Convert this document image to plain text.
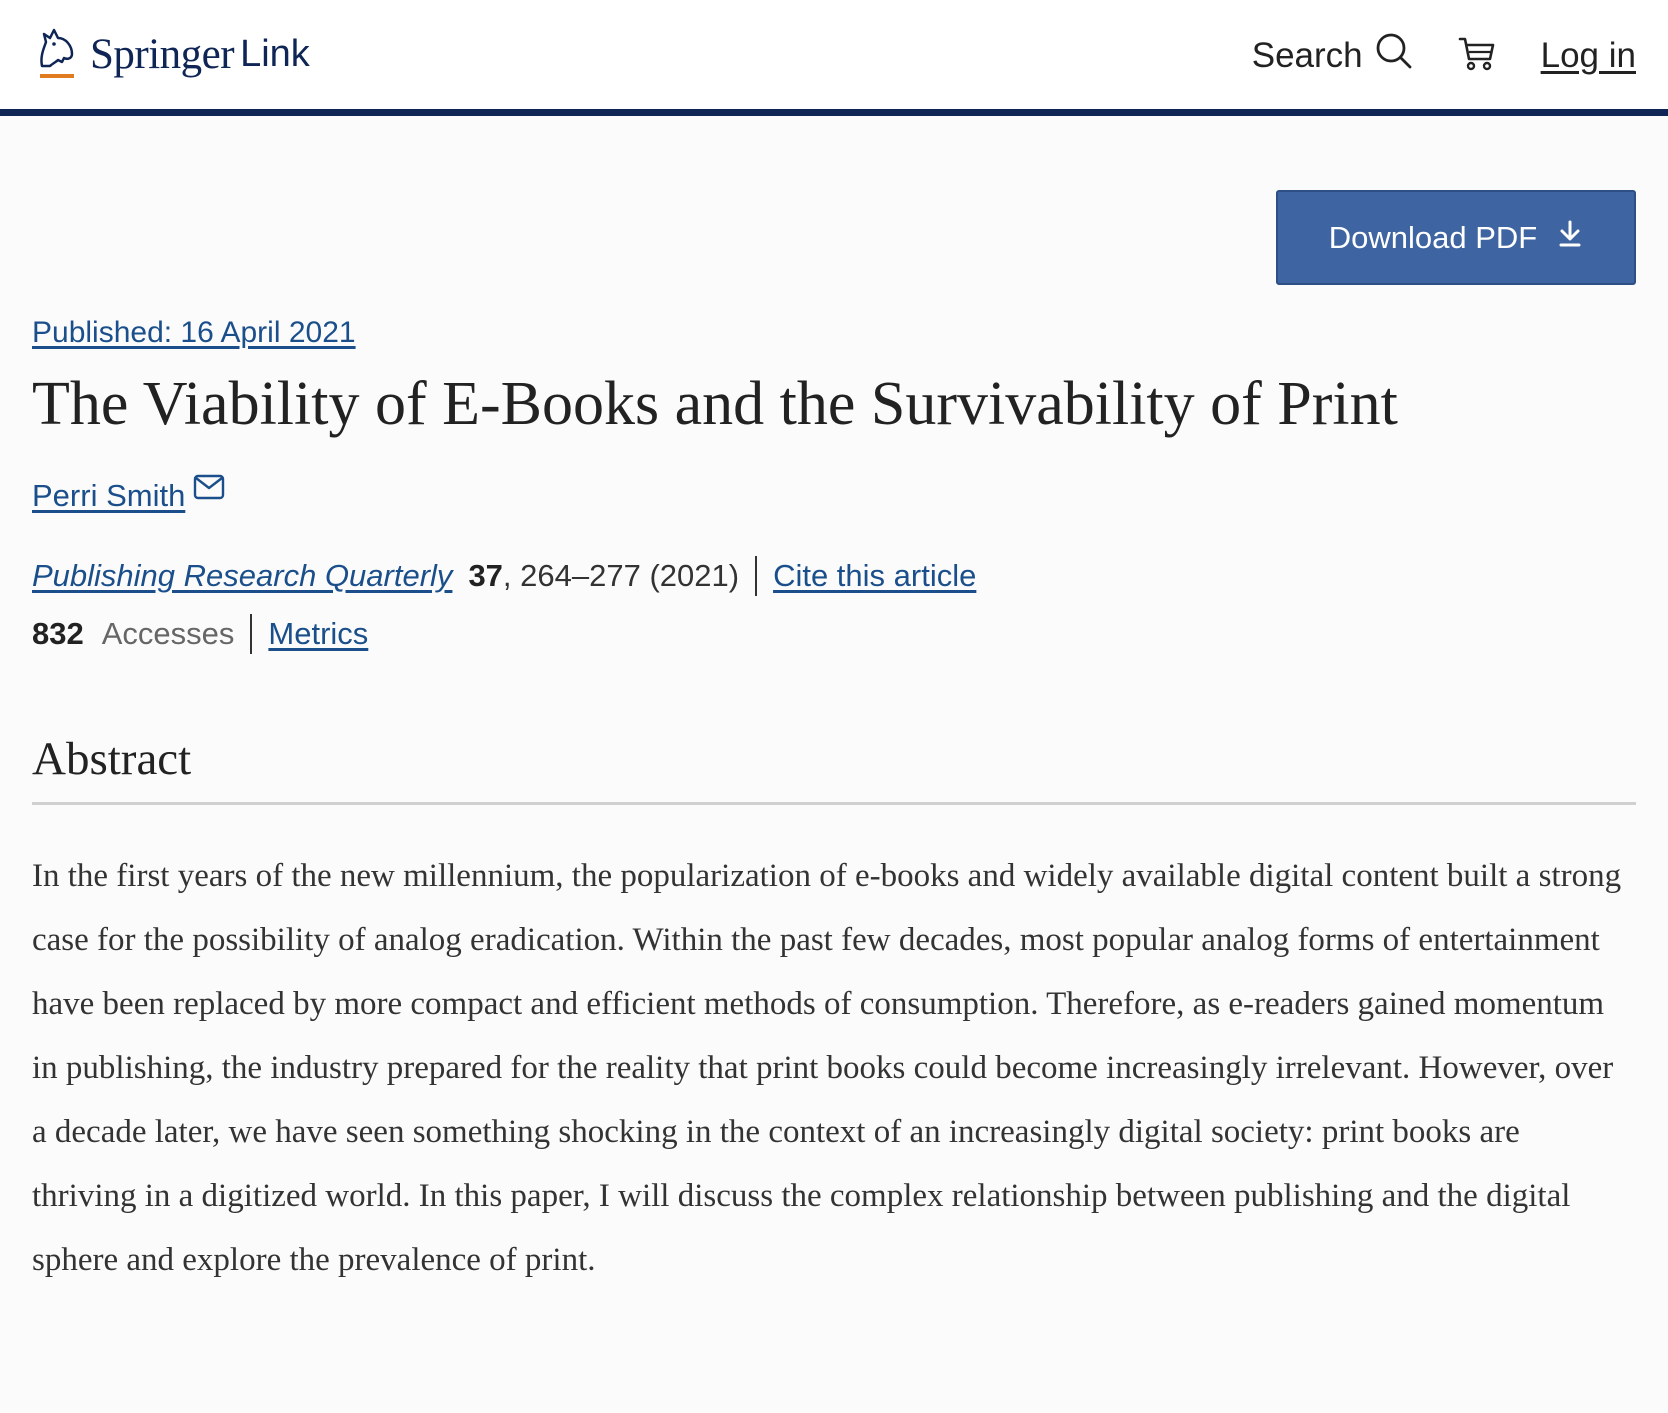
Springer Link	Search	Log in
Download PDF
Published: 16 April 2021
The Viability of E-Books and the Survivability of Print
Perri Smith
Publishing Research Quarterly 37 , 264–277 (2021) Cite this article
832 Accesses Metrics
Abstract

In the first years of the new millennium, the popularization of e-books and widely available digital content built a strong case for the possibility of analog eradication. Within the past few decades, most popular analog forms of entertainment have been replaced by more compact and efficient methods of consumption. Therefore, as e-readers gained momentum in publishing, the industry prepared for the reality that print books could become increasingly irrelevant. However, over a decade later, we have seen something shocking in the context of an increasingly digital society: print books are thriving in a digitized world. In this paper, I will discuss the complex relationship between publishing and the digital sphere and explore the prevalence of print.
